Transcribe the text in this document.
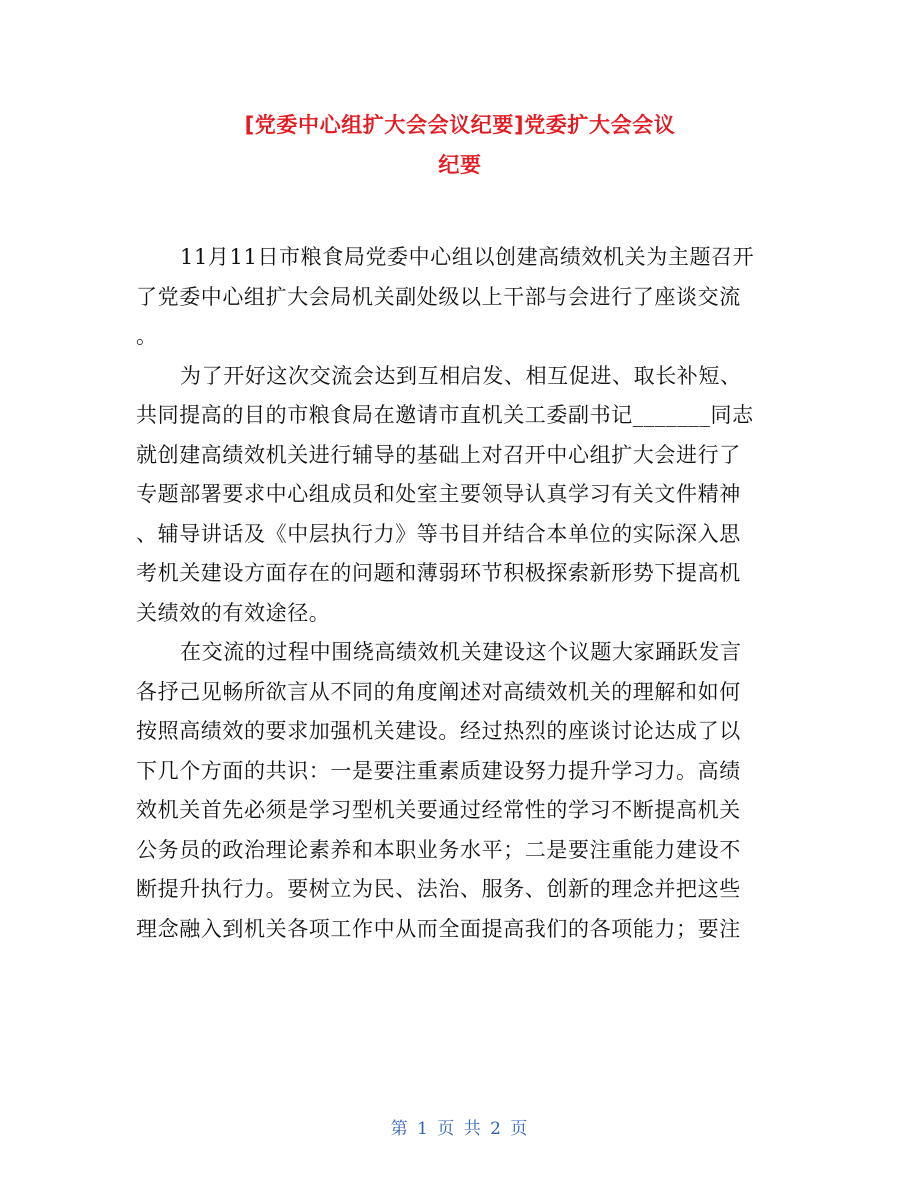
[党委中心组扩大会会议纪要]党委扩大会会议
纪要
11月11日市粮食局党委中心组以创建高绩效机关为主题召开
了党委中心组扩大会局机关副处级以上干部与会进行了座谈交流
。
为了开好这次交流会达到互相启发、相互促进、取长补短、
共同提高的目的市粮食局在邀请市直机关工委副书记_______同志
就创建高绩效机关进行辅导的基础上对召开中心组扩大会进行了
专题部署要求中心组成员和处室主要领导认真学习有关文件精神
、辅导讲话及《中层执行力》等书目并结合本单位的实际深入思
考机关建设方面存在的问题和薄弱环节积极探索新形势下提高机
关绩效的有效途径。
在交流的过程中围绕高绩效机关建设这个议题大家踊跃发言
各抒己见畅所欲言从不同的角度阐述对高绩效机关的理解和如何
按照高绩效的要求加强机关建设。经过热烈的座谈讨论达成了以
下几个方面的共识：一是要注重素质建设努力提升学习力。高绩
效机关首先必须是学习型机关要通过经常性的学习不断提高机关
公务员的政治理论素养和本职业务水平；二是要注重能力建设不
断提升执行力。要树立为民、法治、服务、创新的理念并把这些
理念融入到机关各项工作中从而全面提高我们的各项能力；要注
第 1 页 共 2 页
